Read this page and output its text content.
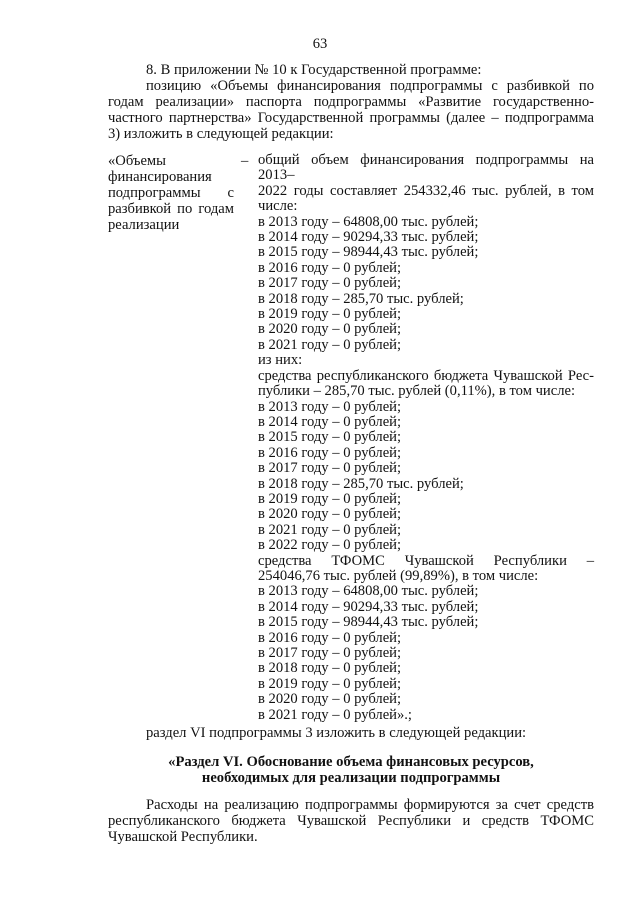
63

8. В приложении № 10 к Государственной программе:

позицию «Объемы финансирования подпрограммы с разбивкой по годам реализации» паспорта подпрограммы «Развитие государственно-частного партнерства» Государственной программы (далее – подпрограмма 3) изложить в следующей редакции:

«Объемы финансирования подпрограммы с разбивкой по годам реализации
– общий объем финансирования подпрограммы на 2013–
2022 годы составляет 254332,46 тыс. рублей, в том
числе:
в 2013 году – 64808,00 тыс. рублей;
в 2014 году – 90294,33 тыс. рублей;
в 2015 году – 98944,43 тыс. рублей;
в 2016 году – 0 рублей;
в 2017 году – 0 рублей;
в 2018 году – 285,70 тыс. рублей;
в 2019 году – 0 рублей;
в 2020 году – 0 рублей;
в 2021 году – 0 рублей;
из них:
средства республиканского бюджета Чувашской Рес-
публики – 285,70 тыс. рублей (0,11%), в том числе:
в 2013 году – 0 рублей;
в 2014 году – 0 рублей;
в 2015 году – 0 рублей;
в 2016 году – 0 рублей;
в 2017 году – 0 рублей;
в 2018 году – 285,70 тыс. рублей;
в 2019 году – 0 рублей;
в 2020 году – 0 рублей;
в 2021 году – 0 рублей;
в 2022 году – 0 рублей;
средства ТФОМС Чувашской Республики –
254046,76 тыс. рублей (99,89%), в том числе:
в 2013 году – 64808,00 тыс. рублей;
в 2014 году – 90294,33 тыс. рублей;
в 2015 году – 98944,43 тыс. рублей;
в 2016 году – 0 рублей;
в 2017 году – 0 рублей;
в 2018 году – 0 рублей;
в 2019 году – 0 рублей;
в 2020 году – 0 рублей;
в 2021 году – 0 рублей».;

раздел VI подпрограммы 3 изложить в следующей редакции:

«Раздел VI. Обоснование объема финансовых ресурсов,
необходимых для реализации подпрограммы

Расходы на реализацию подпрограммы формируются за счет средств республиканского бюджета Чувашской Республики и средств ТФОМС Чувашской Республики.
